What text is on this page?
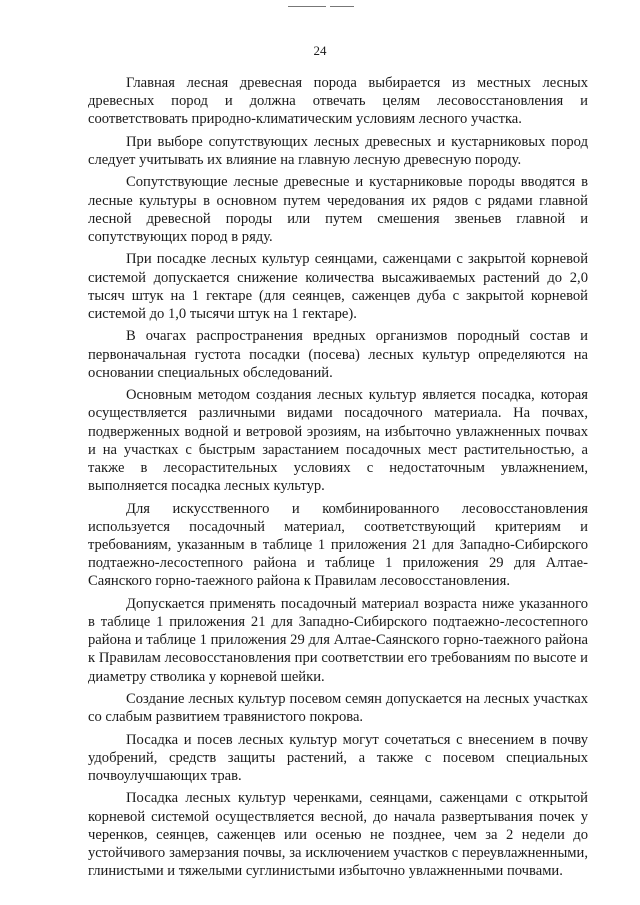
24

Главная лесная древесная порода выбирается из местных лесных древесных пород и должна отвечать целям лесовосстановления и соответствовать природно-климатическим условиям лесного участка.

При выборе сопутствующих лесных древесных и кустарниковых пород следует учитывать их влияние на главную лесную древесную породу.

Сопутствующие лесные древесные и кустарниковые породы вводятся в лесные культуры в основном путем чередования их рядов с рядами главной лесной древесной породы или путем смешения звеньев главной и сопутствующих пород в ряду.

При посадке лесных культур сеянцами, саженцами с закрытой корневой системой допускается снижение количества высаживаемых растений до 2,0 тысяч штук на 1 гектаре (для сеянцев, саженцев дуба с закрытой корневой системой до 1,0 тысячи штук на 1 гектаре).

В очагах распространения вредных организмов породный состав и первоначальная густота посадки (посева) лесных культур определяются на основании специальных обследований.

Основным методом создания лесных культур является посадка, которая осуществляется различными видами посадочного материала. На почвах, подверженных водной и ветровой эрозиям, на избыточно увлажненных почвах и на участках с быстрым зарастанием посадочных мест растительностью, а также в лесорастительных условиях с недостаточным увлажнением, выполняется посадка лесных культур.

Для искусственного и комбинированного лесовосстановления используется посадочный материал, соответствующий критериям и требованиям, указанным в таблице 1 приложения 21 для Западно-Сибирского подтаежно-лесостепного района и таблице 1 приложения 29 для Алтае-Саянского горно-таежного района к Правилам лесовосстановления.

Допускается применять посадочный материал возраста ниже указанного в таблице 1 приложения 21 для Западно-Сибирского подтаежно-лесостепного района и таблице 1 приложения 29 для Алтае-Саянского горно-таежного района к Правилам лесовосстановления при соответствии его требованиям по высоте и диаметру стволика у корневой шейки.

Создание лесных культур посевом семян допускается на лесных участках со слабым развитием травянистого покрова.

Посадка и посев лесных культур могут сочетаться с внесением в почву удобрений, средств защиты растений, а также с посевом специальных почвоулучшающих трав.

Посадка лесных культур черенками, сеянцами, саженцами с открытой корневой системой осуществляется весной, до начала развертывания почек у черенков, сеянцев, саженцев или осенью не позднее, чем за 2 недели до устойчивого замерзания почвы, за исключением участков с переувлажненными, глинистыми и тяжелыми суглинистыми избыточно увлажненными почвами.
